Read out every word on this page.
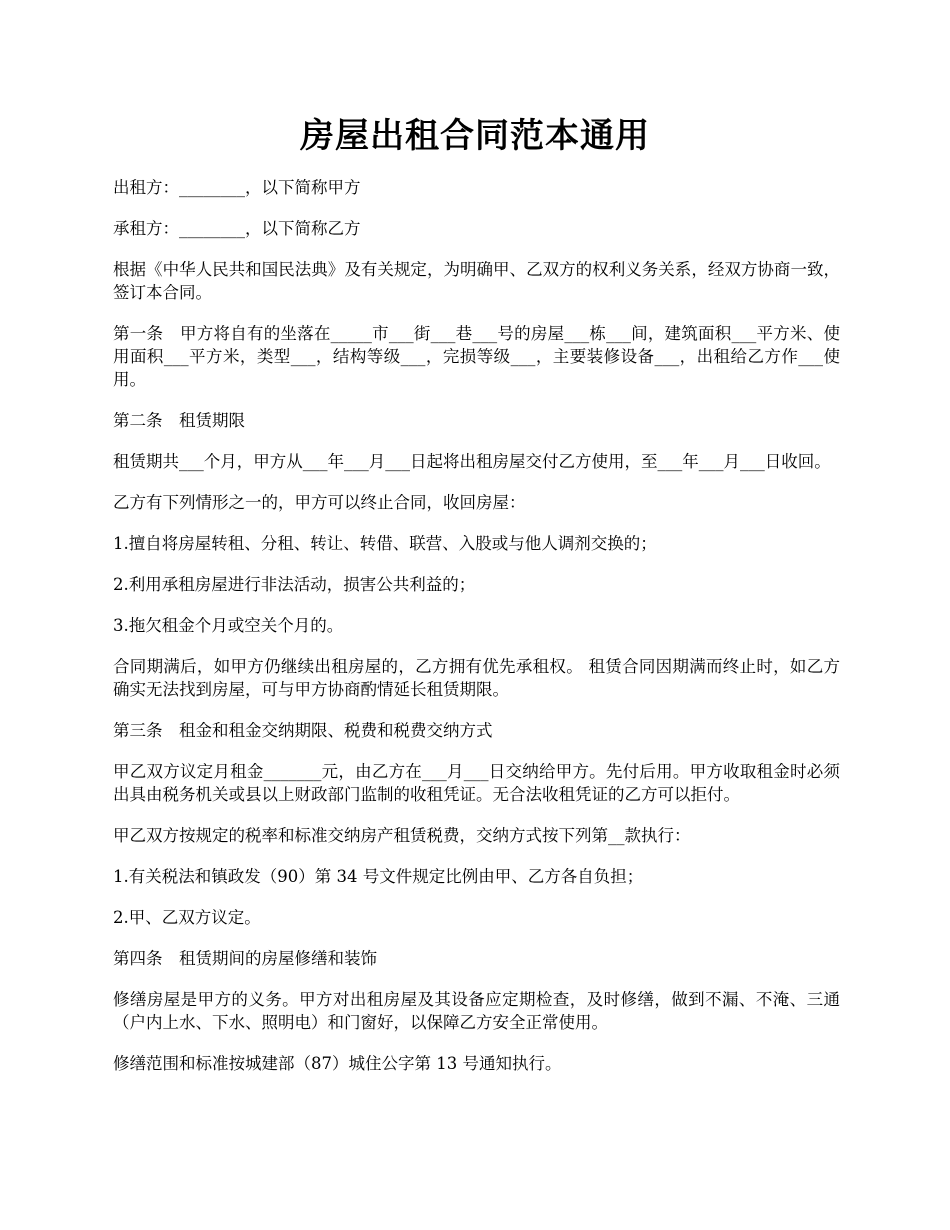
房屋出租合同范本通用

出租方：________，以下简称甲方

承租方：________，以下简称乙方

根据《中华人民共和国民法典》及有关规定，为明确甲、乙双方的权利义务关系，经双方协商一致，签订本合同。

第一条　甲方将自有的坐落在_____市___街___巷___号的房屋___栋___间，建筑面积___平方米、使用面积___平方米，类型___，结构等级___，完损等级___，主要装修设备___，出租给乙方作___使用。

第二条　租赁期限

租赁期共___个月，甲方从___年___月___日起将出租房屋交付乙方使用，至___年___月___日收回。

乙方有下列情形之一的，甲方可以终止合同，收回房屋：

1.擅自将房屋转租、分租、转让、转借、联营、入股或与他人调剂交换的；

2.利用承租房屋进行非法活动，损害公共利益的；

3.拖欠租金个月或空关个月的。

合同期满后，如甲方仍继续出租房屋的，乙方拥有优先承租权。 租赁合同因期满而终止时，如乙方确实无法找到房屋，可与甲方协商酌情延长租赁期限。

第三条　租金和租金交纳期限、税费和税费交纳方式

甲乙双方议定月租金_______元，由乙方在___月___日交纳给甲方。先付后用。甲方收取租金时必须出具由税务机关或县以上财政部门监制的收租凭证。无合法收租凭证的乙方可以拒付。

甲乙双方按规定的税率和标准交纳房产租赁税费，交纳方式按下列第__款执行：

1.有关税法和镇政发（90）第 34 号文件规定比例由甲、乙方各自负担；

2.甲、乙双方议定。

第四条　租赁期间的房屋修缮和装饰

修缮房屋是甲方的义务。甲方对出租房屋及其设备应定期检查，及时修缮，做到不漏、不淹、三通（户内上水、下水、照明电）和门窗好，以保障乙方安全正常使用。

修缮范围和标准按城建部（87）城住公字第 13 号通知执行。
